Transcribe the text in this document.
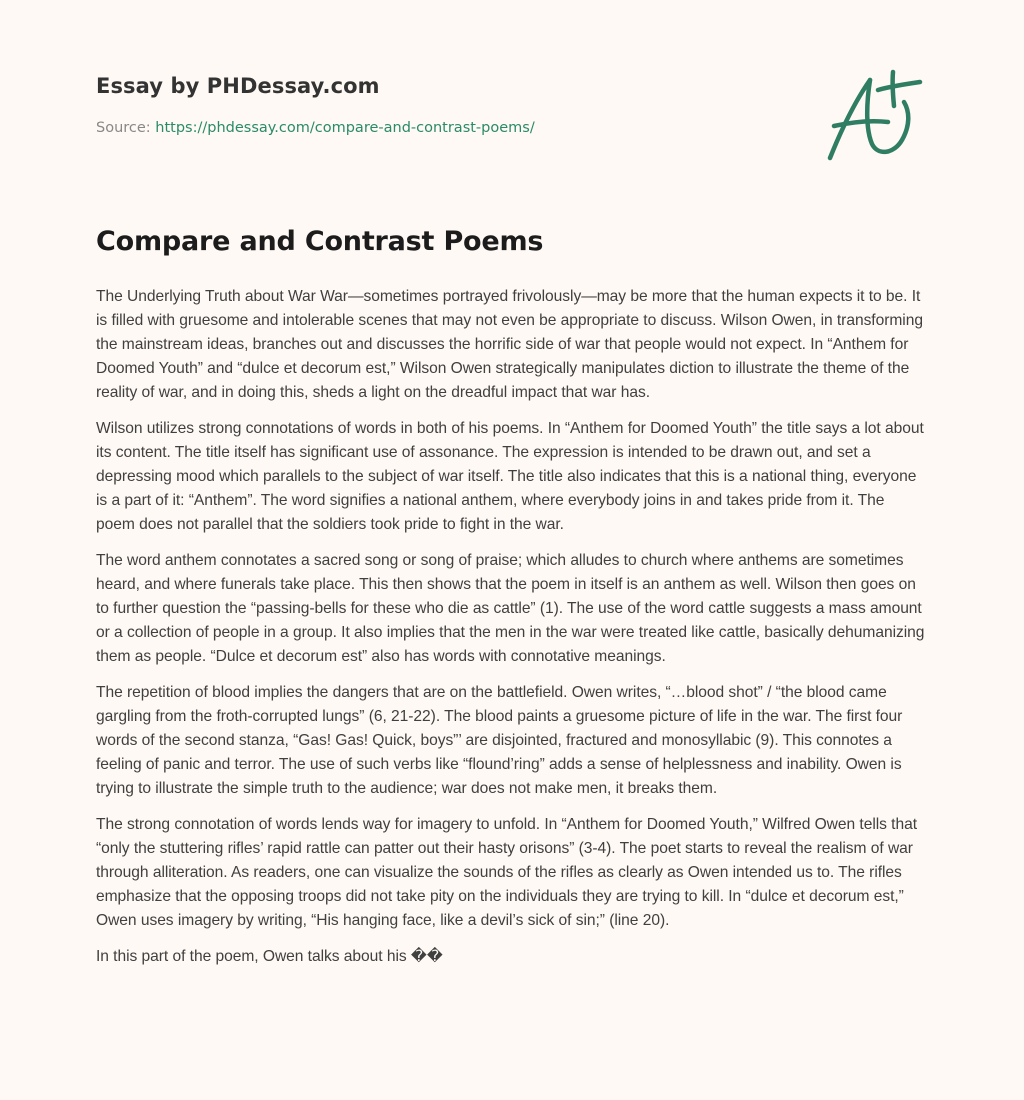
Essay by PHDessay.com
Source: https://phdessay.com/compare-and-contrast-poems/
Compare and Contrast Poems

The Underlying Truth about War War—sometimes portrayed frivolously—may be more that the human expects it to be. It is filled with gruesome and intolerable scenes that may not even be appropriate to discuss. Wilson Owen, in transforming the mainstream ideas, branches out and discusses the horrific side of war that people would not expect. In “Anthem for Doomed Youth” and “dulce et decorum est,” Wilson Owen strategically manipulates diction to illustrate the theme of the reality of war, and in doing this, sheds a light on the dreadful impact that war has.

Wilson utilizes strong connotations of words in both of his poems. In “Anthem for Doomed Youth” the title says a lot about its content. The title itself has significant use of assonance. The expression is intended to be drawn out, and set a depressing mood which parallels to the subject of war itself. The title also indicates that this is a national thing, everyone is a part of it: “Anthem”. The word signifies a national anthem, where everybody joins in and takes pride from it. The poem does not parallel that the soldiers took pride to fight in the war.

The word anthem connotates a sacred song or song of praise; which alludes to church where anthems are sometimes heard, and where funerals take place. This then shows that the poem in itself is an anthem as well. Wilson then goes on to further question the “passing-bells for these who die as cattle” (1). The use of the word cattle suggests a mass amount or a collection of people in a group. It also implies that the men in the war were treated like cattle, basically dehumanizing them as people. “Dulce et decorum est” also has words with connotative meanings.

The repetition of blood implies the dangers that are on the battlefield. Owen writes, “…blood shot” / “the blood came gargling from the froth-corrupted lungs” (6, 21-22). The blood paints a gruesome picture of life in the war. The first four words of the second stanza, “Gas! Gas! Quick, boys”’ are disjointed, fractured and monosyllabic (9). This connotes a feeling of panic and terror. The use of such verbs like “flound’ring” adds a sense of helplessness and inability. Owen is trying to illustrate the simple truth to the audience; war does not make men, it breaks them.

The strong connotation of words lends way for imagery to unfold. In “Anthem for Doomed Youth,” Wilfred Owen tells that “only the stuttering rifles’ rapid rattle can patter out their hasty orisons” (3-4). The poet starts to reveal the realism of war through alliteration. As readers, one can visualize the sounds of the rifles as clearly as Owen intended us to. The rifles emphasize that the opposing troops did not take pity on the individuals they are trying to kill. In “dulce et decorum est,” Owen uses imagery by writing, “His hanging face, like a devil’s sick of sin;” (line 20).

In this part of the poem, Owen talks about his ��
